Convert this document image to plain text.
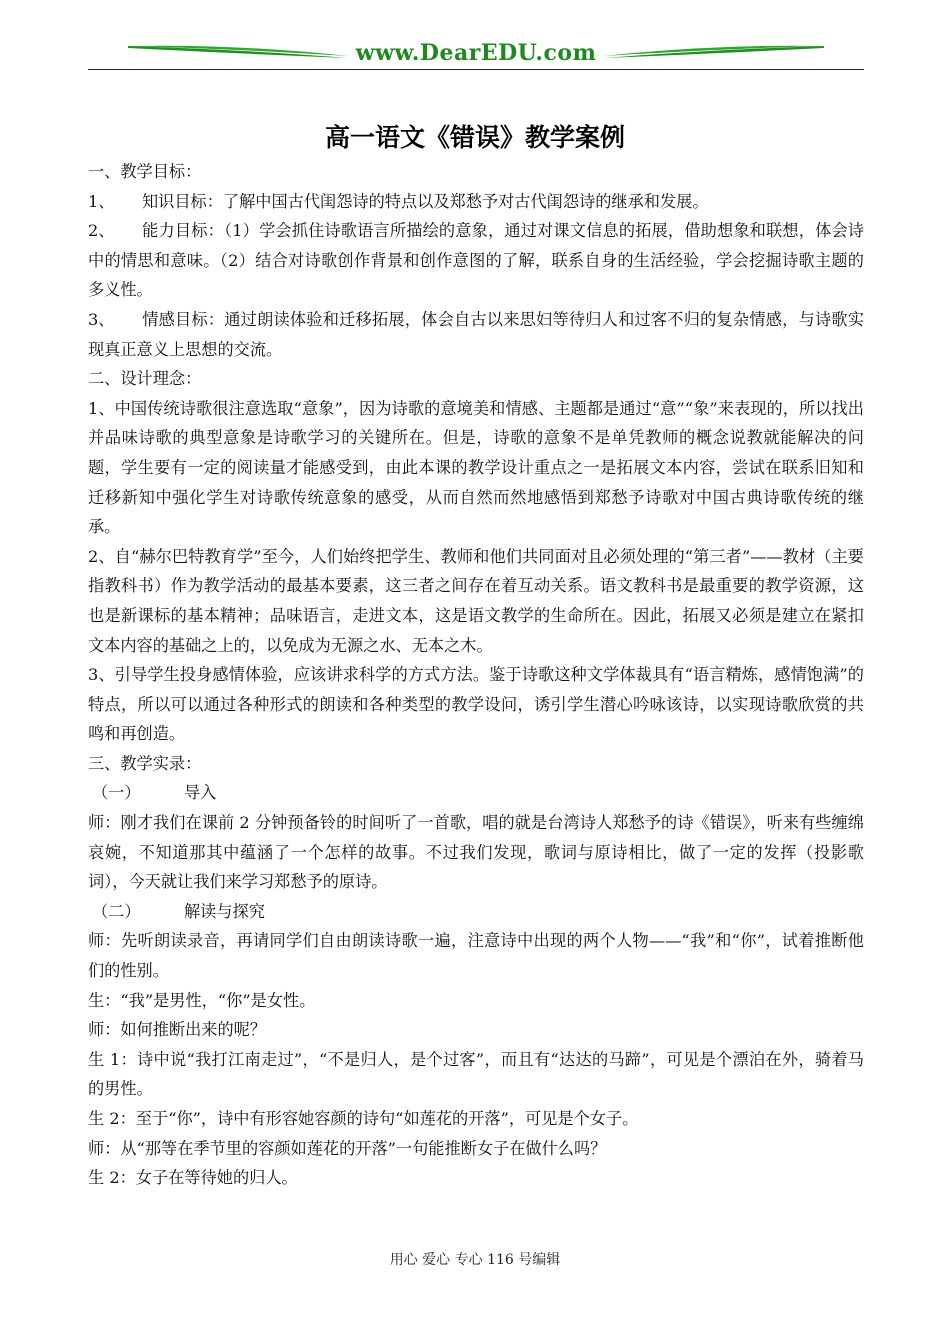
www.DearEDU.com
高一语文《错误》教学案例

一、教学目标：

1、 知识目标：了解中国古代闺怨诗的特点以及郑愁予对古代闺怨诗的继承和发展。

2、 能力目标：（1）学会抓住诗歌语言所描绘的意象，通过对课文信息的拓展，借助想象和联想，体会诗中的情思和意味。（2）结合对诗歌创作背景和创作意图的了解，联系自身的生活经验，学会挖掘诗歌主题的多义性。

3、 情感目标：通过朗读体验和迁移拓展，体会自古以来思妇等待归人和过客不归的复杂情感，与诗歌实现真正意义上思想的交流。

二、设计理念：

1、中国传统诗歌很注意选取“意象”，因为诗歌的意境美和情感、主题都是通过“意”“象”来表现的，所以找出并品味诗歌的典型意象是诗歌学习的关键所在。但是，诗歌的意象不是单凭教师的概念说教就能解决的问题，学生要有一定的阅读量才能感受到，由此本课的教学设计重点之一是拓展文本内容，尝试在联系旧知和迁移新知中强化学生对诗歌传统意象的感受，从而自然而然地感悟到郑愁予诗歌对中国古典诗歌传统的继承。

2、自“赫尔巴特教育学”至今，人们始终把学生、教师和他们共同面对且必须处理的“第三者”——教材（主要指教科书）作为教学活动的最基本要素，这三者之间存在着互动关系。语文教科书是最重要的教学资源，这也是新课标的基本精神；品味语言，走进文本，这是语文教学的生命所在。因此，拓展又必须是建立在紧扣文本内容的基础之上的，以免成为无源之水、无本之木。

3、引导学生投身感情体验，应该讲求科学的方式方法。鉴于诗歌这种文学体裁具有“语言精炼，感情饱满”的特点，所以可以通过各种形式的朗读和各种类型的教学设问，诱引学生潜心吟咏该诗，以实现诗歌欣赏的共鸣和再创造。

三、教学实录：

（一）	导入

师：刚才我们在课前 2 分钟预备铃的时间听了一首歌，唱的就是台湾诗人郑愁予的诗《错误》，听来有些缠绵哀婉，不知道那其中蕴涵了一个怎样的故事。不过我们发现，歌词与原诗相比，做了一定的发挥（投影歌词），今天就让我们来学习郑愁予的原诗。

（二）	解读与探究

师：先听朗读录音，再请同学们自由朗读诗歌一遍，注意诗中出现的两个人物——“我”和“你”，试着推断他们的性别。

生：“我”是男性，“你”是女性。

师：如何推断出来的呢？

生 1：诗中说“我打江南走过”，“不是归人，是个过客”，而且有“达达的马蹄”，可见是个漂泊在外，骑着马的男性。

生 2：至于“你”，诗中有形容她容颜的诗句“如莲花的开落”，可见是个女子。

师：从“那等在季节里的容颜如莲花的开落”一句能推断女子在做什么吗？

生 2：女子在等待她的归人。

用心 爱心 专心 116 号编辑
